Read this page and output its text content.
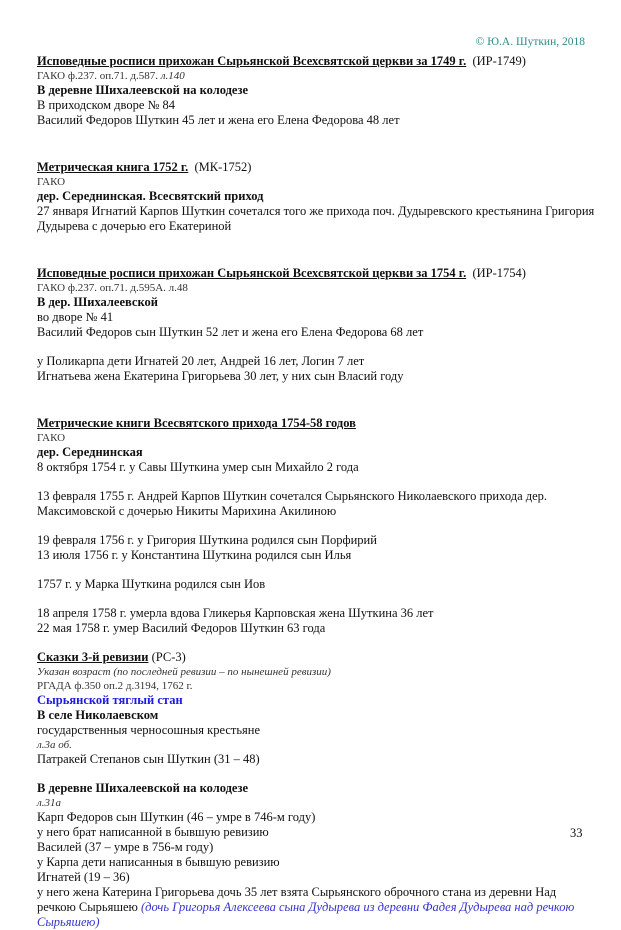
© Ю.А. Шуткин, 2018
Исповедные росписи прихожан Сырьянской Всехсвятской церкви за 1749 г. (ИР-1749)
ГАКО ф.237. оп.71. д.587. л.140
В деревне Шихалеевской на колодезе
В приходском дворе № 84
Василий Федоров Шуткин 45 лет и жена его Елена Федорова 48 лет
Метрическая книга 1752 г. (МК-1752)
ГАКО
дер. Середнинская. Всесвятский приход
27 января Игнатий Карпов Шуткин сочетался того же прихода поч. Дудыревского крестьянина Григория Дудырева с дочерью его Екатериной
Исповедные росписи прихожан Сырьянской Всехсвятской церкви за 1754 г. (ИР-1754)
ГАКО ф.237. оп.71. д.595А. л.48
В дер. Шихалеевской
во дворе № 41
Василий Федоров сын Шуткин 52 лет и жена его Елена Федорова 68 лет
у Поликарпа дети Игнатей 20 лет, Андрей 16 лет, Логин 7 лет
Игнатьева жена Екатерина Григорьева 30 лет, у них сын Власий году
Метрические книги Всесвятского прихода 1754-58 годов
ГАКО
дер. Середнинская
8 октября 1754 г. у Савы Шуткина умер сын Михайло 2 года
13 февраля 1755 г. Андрей Карпов Шуткин сочетался Сырьянского Николаевского прихода дер. Максимовской с дочерью Никиты Марихина Акилиною
19 февраля 1756 г. у Григория Шуткина родился сын Порфирий
13 июля 1756 г. у Константина Шуткина родился сын Илья
1757 г. у Марка Шуткина родился сын Иов
18 апреля 1758 г. умерла вдова Гликерья Карповская жена Шуткина 36 лет
22 мая 1758 г. умер Василий Федоров Шуткин 63 года
Сказки 3-й ревизии (РС-3)
Указан возраст (по последней ревизии – по нынешней ревизии)
РГАДА ф.350 оп.2 д.3194, 1762 г.
Сырьянской тяглый стан
В селе Николаевском
государственныя черносошныя крестьяне
л.3а об.
Патракей Степанов сын Шуткин (31 – 48)
В деревне Шихалеевской на колодезе
л.31а
Карп Федоров сын Шуткин (46 – умре в 746-м году)
у него брат написанной в бывшую ревизию
Василей (37 – умре в 756-м году)
у Карпа дети написанныя в бывшую ревизию
Игнатей (19 – 36)
у него жена Катерина Григорьева дочь 35 лет взята Сырьянского оброчного стана из деревни Над речкою Сырьяшею (дочь Григорья Алексеева сына Дудырева из деревни Фадея Дудырева над речкою Сырьяшею)
33
